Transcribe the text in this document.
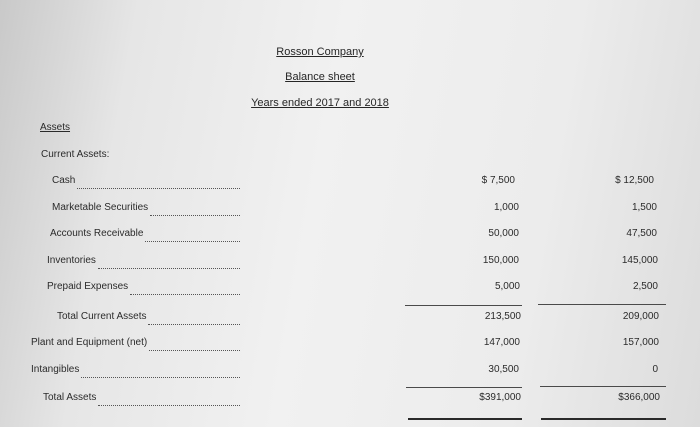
Rosson Company
Balance sheet
Years ended 2017 and 2018
Assets
Current Assets:
Cash	$ 7,500	$ 12,500
Marketable Securities	1,000	1,500
Accounts Receivable	50,000	47,500
Inventories	150,000	145,000
Prepaid Expenses	5,000	2,500
Total Current Assets	213,500	209,000
Plant and Equipment (net)	147,000	157,000
Intangibles	30,500	0
Total Assets	$391,000	$366,000
